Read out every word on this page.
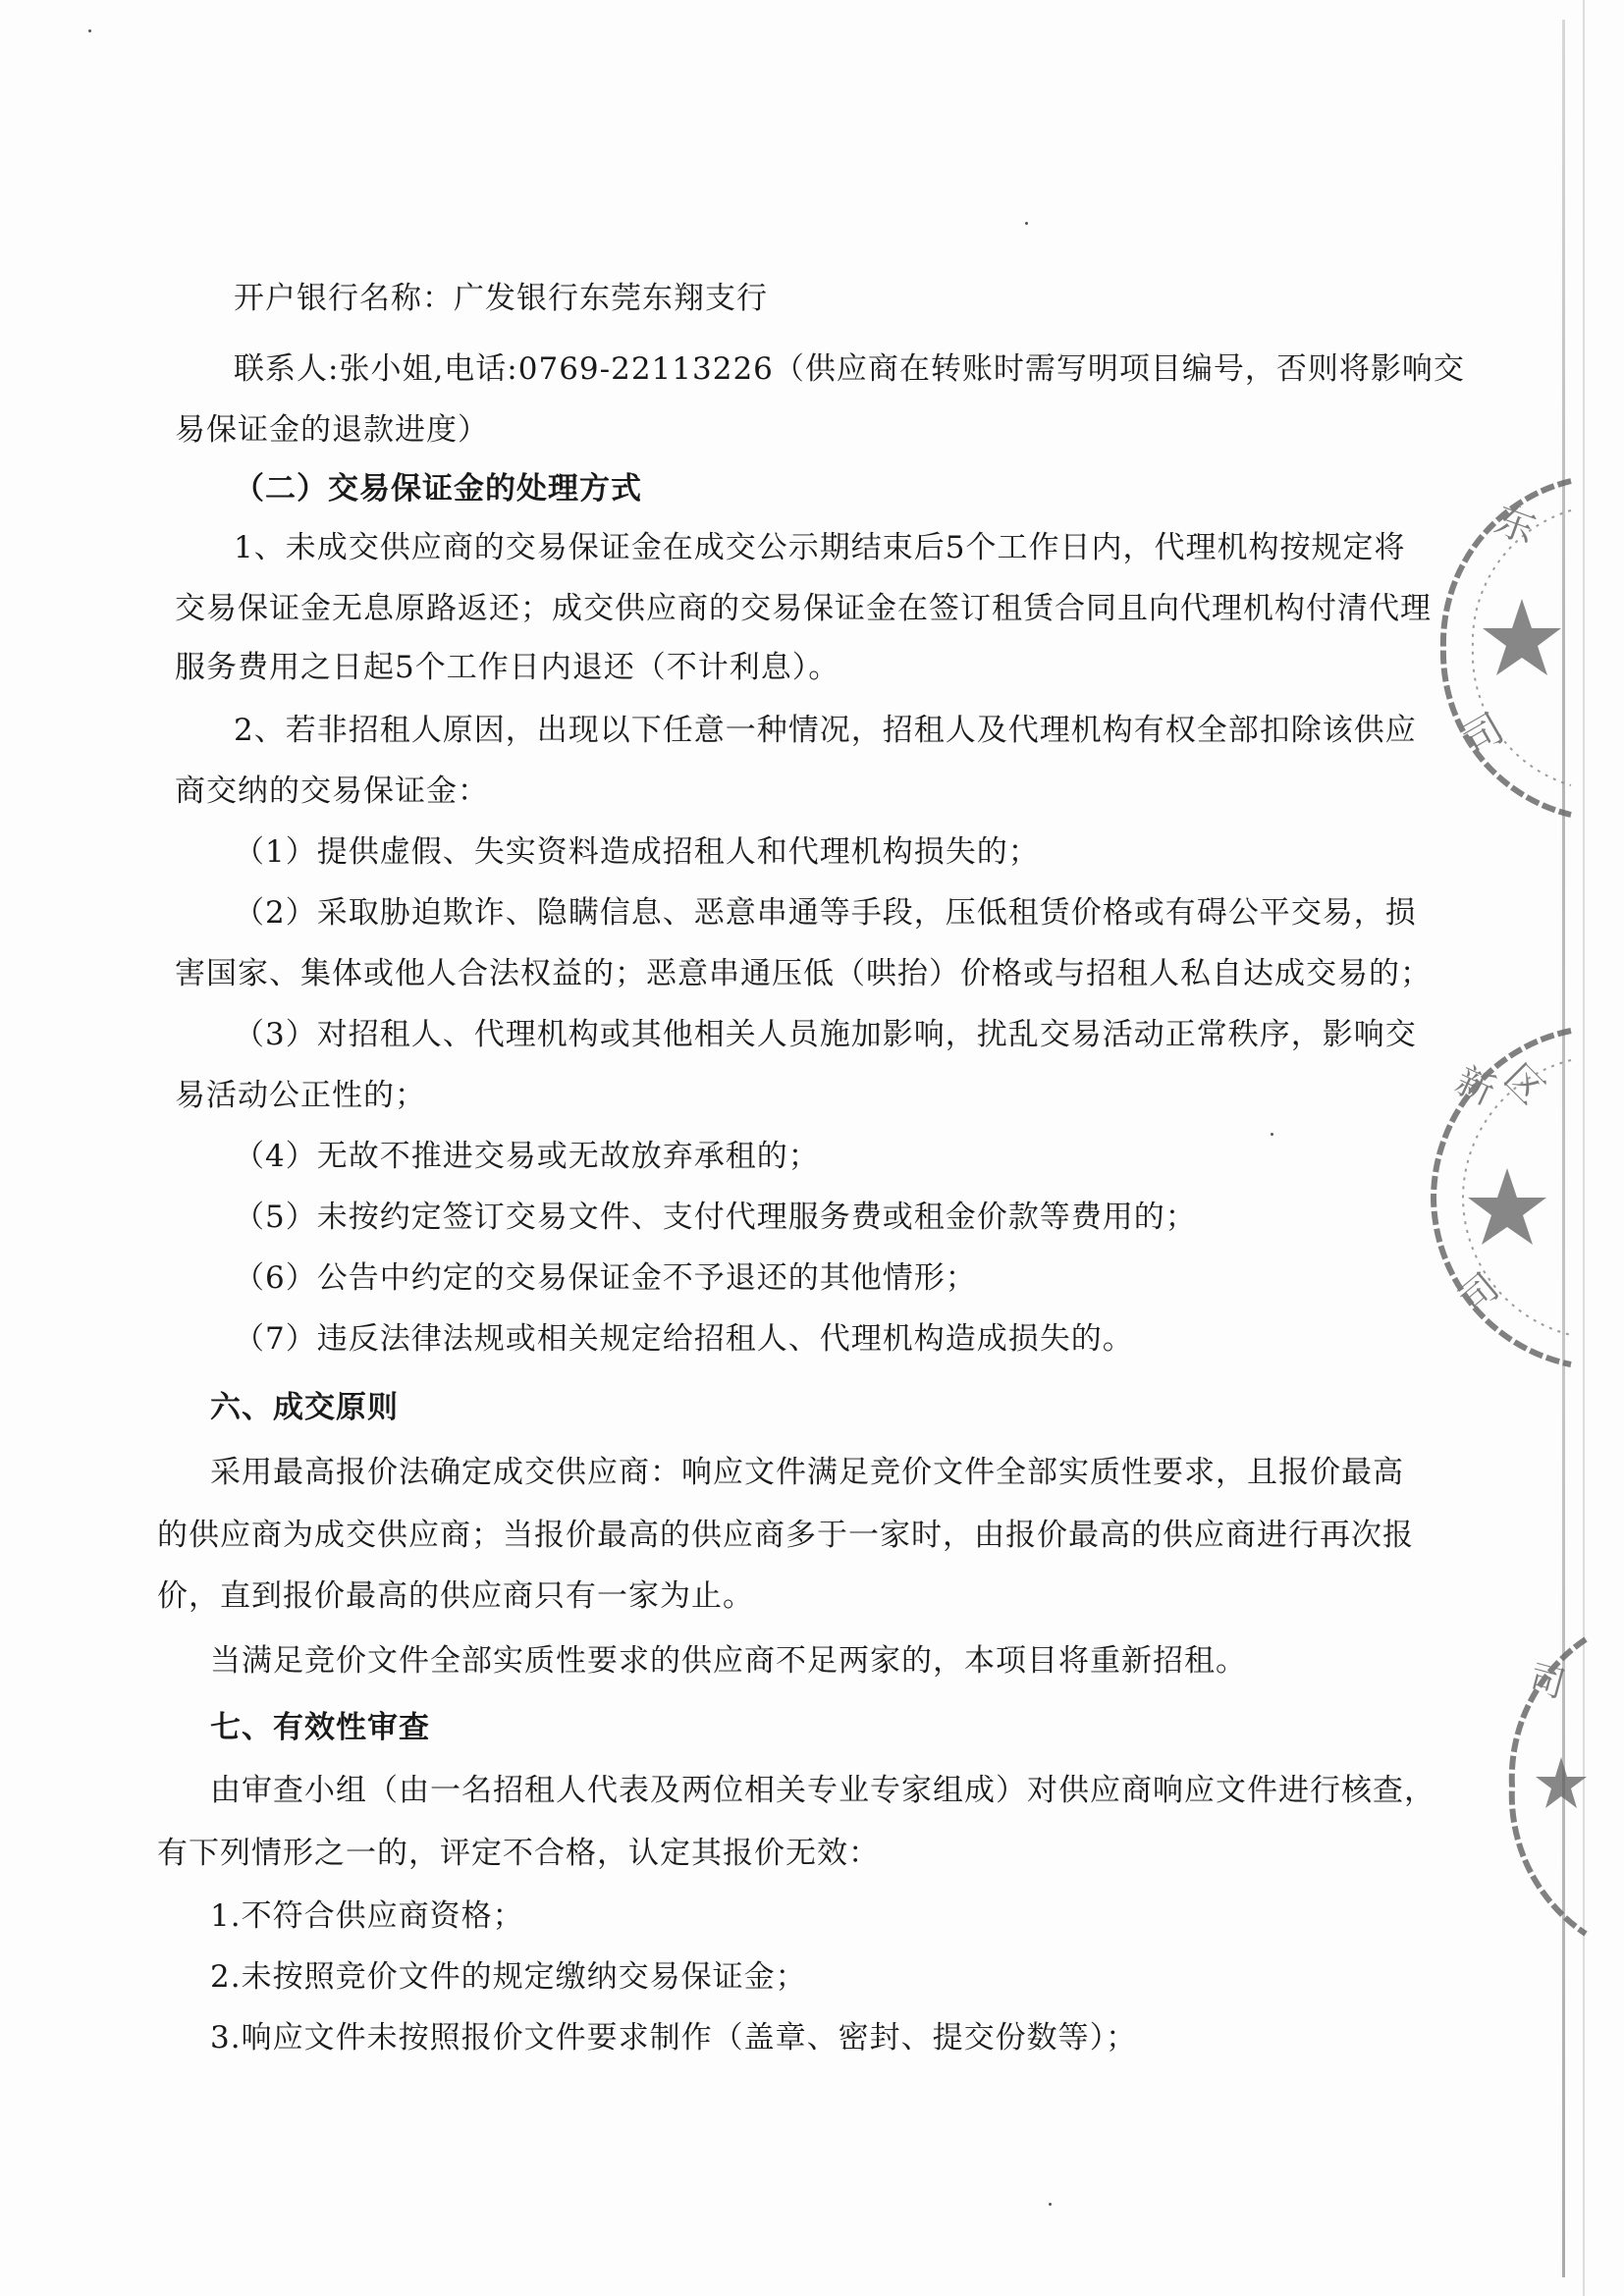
开户银行名称：广发银行东莞东翔支行
联系人:张小姐,电话:0769-22113226（供应商在转账时需写明项目编号，否则将影响交
易保证金的退款进度）
（二）交易保证金的处理方式
1、未成交供应商的交易保证金在成交公示期结束后5个工作日内，代理机构按规定将
交易保证金无息原路返还；成交供应商的交易保证金在签订租赁合同且向代理机构付清代理
服务费用之日起5个工作日内退还（不计利息）。
2、若非招租人原因，出现以下任意一种情况，招租人及代理机构有权全部扣除该供应
商交纳的交易保证金：
（1）提供虚假、失实资料造成招租人和代理机构损失的；
（2）采取胁迫欺诈、隐瞒信息、恶意串通等手段，压低租赁价格或有碍公平交易，损
害国家、集体或他人合法权益的；恶意串通压低（哄抬）价格或与招租人私自达成交易的；
（3）对招租人、代理机构或其他相关人员施加影响，扰乱交易活动正常秩序，影响交
易活动公正性的；
（4）无故不推进交易或无故放弃承租的；
（5）未按约定签订交易文件、支付代理服务费或租金价款等费用的；
（6）公告中约定的交易保证金不予退还的其他情形；
（7）违反法律法规或相关规定给招租人、代理机构造成损失的。
六、成交原则
采用最高报价法确定成交供应商：响应文件满足竞价文件全部实质性要求，且报价最高
的供应商为成交供应商；当报价最高的供应商多于一家时，由报价最高的供应商进行再次报
价，直到报价最高的供应商只有一家为止。
当满足竞价文件全部实质性要求的供应商不足两家的，本项目将重新招租。
七、有效性审查
由审查小组（由一名招租人代表及两位相关专业专家组成）对供应商响应文件进行核查，
有下列情形之一的，评定不合格，认定其报价无效：
1.不符合供应商资格；
2.未按照竞价文件的规定缴纳交易保证金；
3.响应文件未按照报价文件要求制作（盖章、密封、提交份数等）；
东
司
新
区
司
司
